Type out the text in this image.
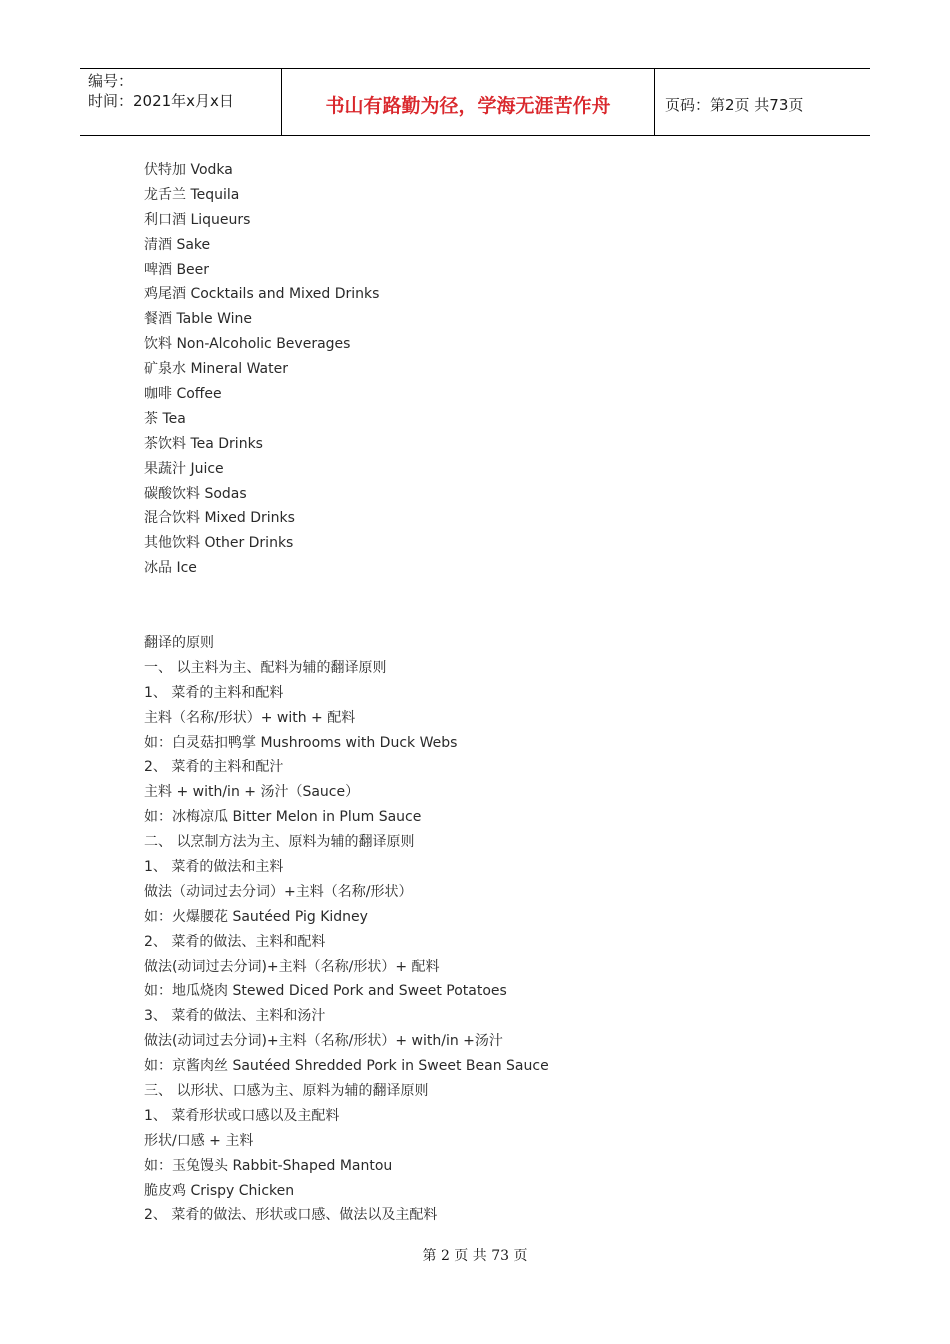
编号：
时间：2021年x月x日	书山有路勤为径，学海无涯苦作舟	页码：第2页 共73页
伏特加 Vodka
龙舌兰 Tequila
利口酒 Liqueurs
清酒 Sake
啤酒 Beer
鸡尾酒 Cocktails and Mixed Drinks
餐酒 Table Wine
饮料 Non-Alcoholic Beverages
矿泉水 Mineral Water
咖啡 Coffee
茶 Tea
茶饮料 Tea Drinks
果蔬汁 Juice
碳酸饮料 Sodas
混合饮料 Mixed Drinks
其他饮料 Other Drinks
冰品 Ice
翻译的原则
一、 以主料为主、配料为辅的翻译原则
1、 菜肴的主料和配料
主料（名称/形状）+ with + 配料
如：白灵菇扣鸭掌 Mushrooms with Duck Webs
2、 菜肴的主料和配汁
主料 + with/in + 汤汁（Sauce）
如：冰梅凉瓜 Bitter Melon in Plum Sauce
二、 以烹制方法为主、原料为辅的翻译原则
1、 菜肴的做法和主料
做法（动词过去分词）+主料（名称/形状）
如：火爆腰花 Sautéed Pig Kidney
2、 菜肴的做法、主料和配料
做法(动词过去分词)+主料（名称/形状）+ 配料
如：地瓜烧肉 Stewed Diced Pork and Sweet Potatoes
3、 菜肴的做法、主料和汤汁
做法(动词过去分词)+主料（名称/形状）+ with/in +汤汁
如：京酱肉丝 Sautéed Shredded Pork in Sweet Bean Sauce
三、 以形状、口感为主、原料为辅的翻译原则
1、 菜肴形状或口感以及主配料
形状/口感 + 主料
如：玉兔馒头 Rabbit-Shaped Mantou
脆皮鸡 Crispy Chicken
2、 菜肴的做法、形状或口感、做法以及主配料
第 2 页 共 73 页
